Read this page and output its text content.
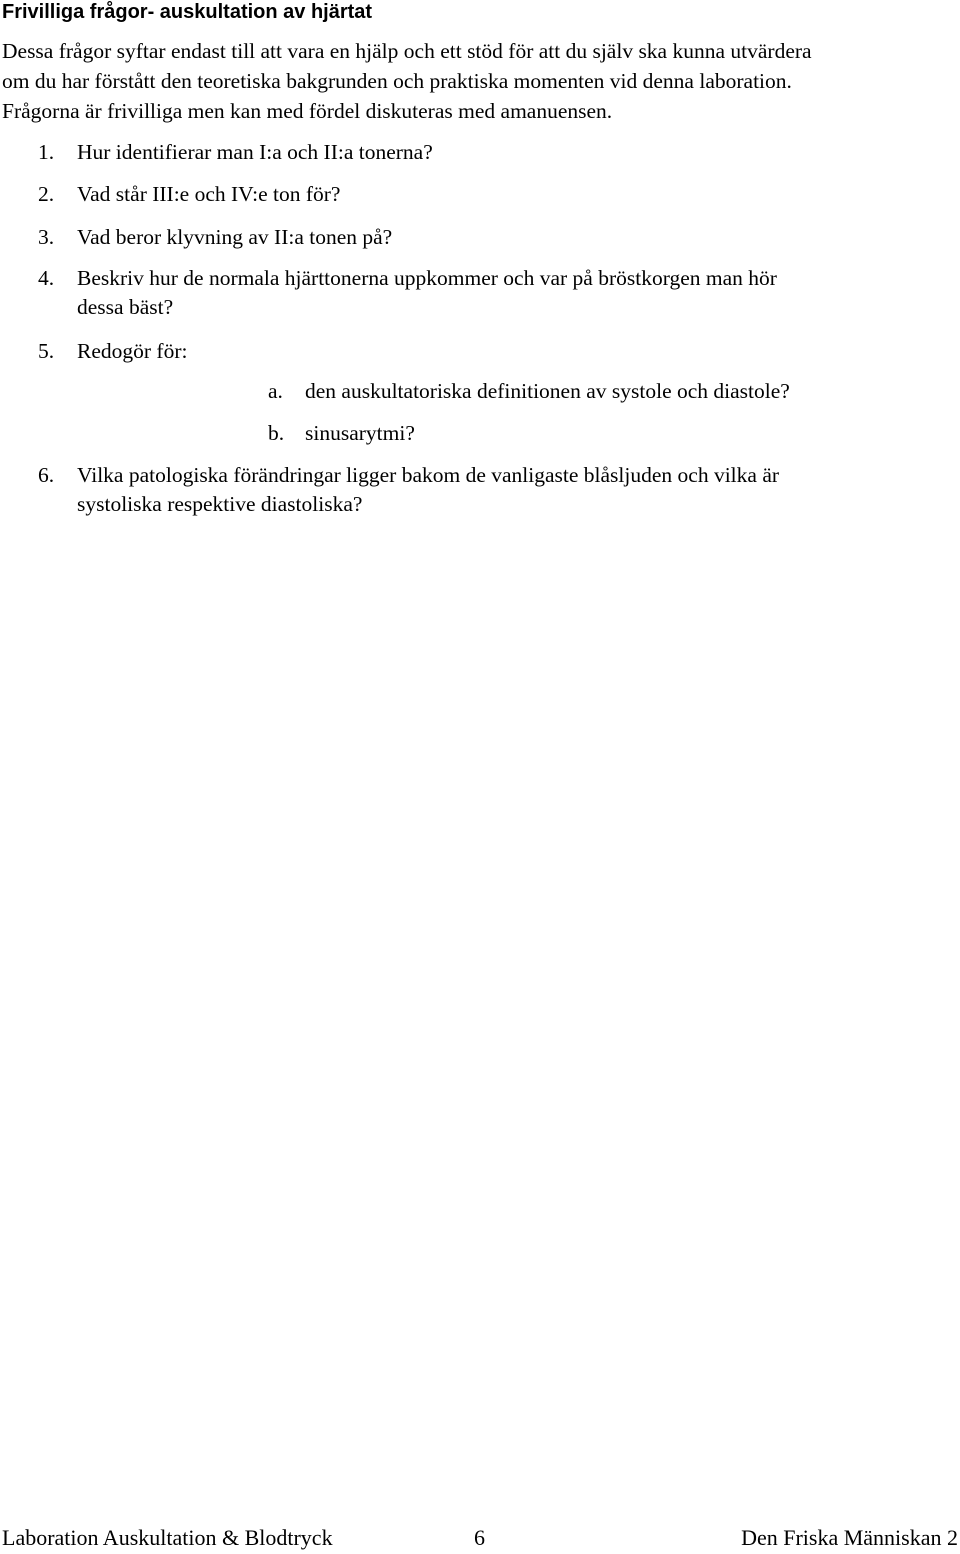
Frivilliga frågor- auskultation av hjärtat
Dessa frågor syftar endast till att vara en hjälp och ett stöd för att du själv ska kunna utvärdera
om du har förstått den teoretiska bakgrunden och praktiska momenten vid denna laboration.
Frågorna är frivilliga men kan med fördel diskuteras med amanuensen.
1. Hur identifierar man I:a och II:a tonerna?
2. Vad står III:e och IV:e ton för?
3. Vad beror klyvning av II:a tonen på?
4. Beskriv hur de normala hjärttonerna uppkommer och var på bröstkorgen man hör
dessa bäst?
5. Redogör för:
a. den auskultatoriska definitionen av systole och diastole?
b. sinusarytmi?
6. Vilka patologiska förändringar ligger bakom de vanligaste blåsljuden och vilka är
systoliska respektive diastoliska?
Laboration Auskultation & Blodtryck	6	Den Friska Människan 2
